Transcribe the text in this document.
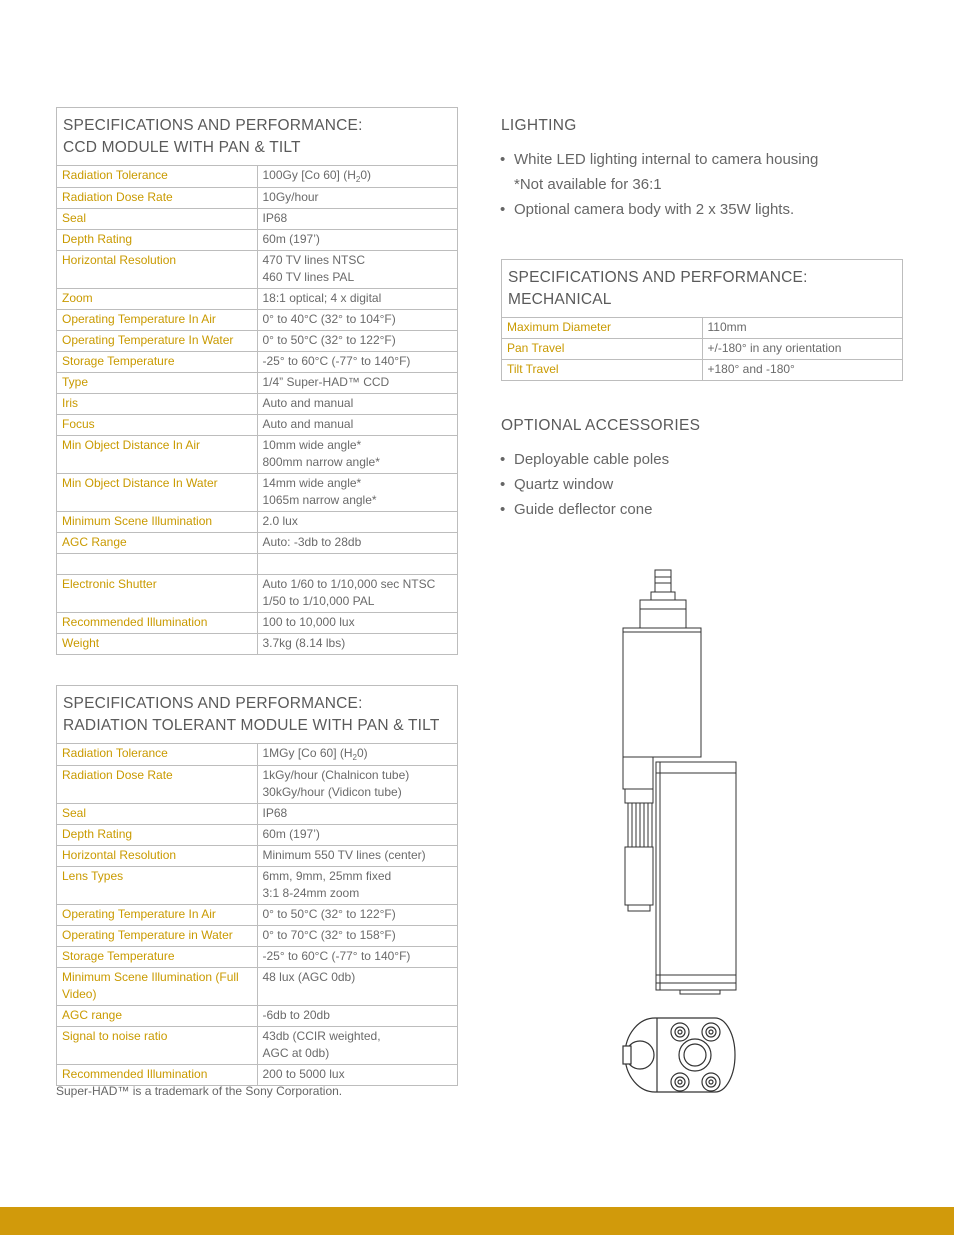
SPECIFICATIONS AND PERFORMANCE:
CCD MODULE WITH PAN & TILT
Radiation Tolerance	100Gy [Co 60] $(H_20)$

Radiation Dose Rate	10Gy/hour

Seal	IP68

Depth Rating	60m (197’)

Horizontal Resolution	470 TV lines NTSC
460 TV lines PAL

Zoom	18:1 optical; 4 x digital

Operating Temperature In Air	0° to 40°C (32° to 104°F)

Operating Temperature In Water	0° to 50°C (32° to 122°F)

Storage Temperature	-25° to 60°C (-77° to 140°F)

Type	1/4” Super-HAD™ CCD

Iris	Auto and manual

Focus	Auto and manual

Min Object Distance In Air	10mm wide angle*
800mm narrow angle*

Min Object Distance In Water	14mm wide angle*
1065m narrow angle*

Minimum Scene Illumination	2.0 lux

AGC Range	Auto: -3db to 28db

Electronic Shutter	Auto 1/60 to 1/10,000 sec NTSC
1/50 to 1/10,000 PAL

Recommended Illumination	100 to 10,000 lux

Weight	3.7kg (8.14 lbs)
SPECIFICATIONS AND PERFORMANCE:
RADIATION TOLERANT MODULE WITH PAN & TILT
Radiation Tolerance	1MGy [Co 60] $(H_20)$

Radiation Dose Rate	1kGy/hour (Chalnicon tube)
30kGy/hour (Vidicon tube)

Seal	IP68

Depth Rating	60m (197’)

Horizontal Resolution	Minimum 550 TV lines (center)

Lens Types	6mm, 9mm, 25mm fixed
3:1 8-24mm zoom

Operating Temperature In Air	0° to 50°C (32° to 122°F)

Operating Temperature in Water	0° to 70°C (32° to 158°F)

Storage Temperature	-25° to 60°C (-77° to 140°F)

Minimum Scene Illumination (Full Video)	48 lux (AGC 0db)

AGC range	-6db to 20db

Signal to noise ratio	43db (CCIR weighted,
AGC at 0db)

Recommended Illumination	200 to 5000 lux
Super-HAD™ is a trademark of the Sony Corporation.
LIGHTING
• White LED lighting internal to camera housing
*Not available for 36:1
• Optional camera body with 2 x 35W lights.
SPECIFICATIONS AND PERFORMANCE:
MECHANICAL
Maximum Diameter	110mm

Pan Travel	+/-180° in any orientation

Tilt Travel	+180° and -180°
OPTIONAL ACCESSORIES
• Deployable cable poles
• Quartz window
• Guide deflector cone
